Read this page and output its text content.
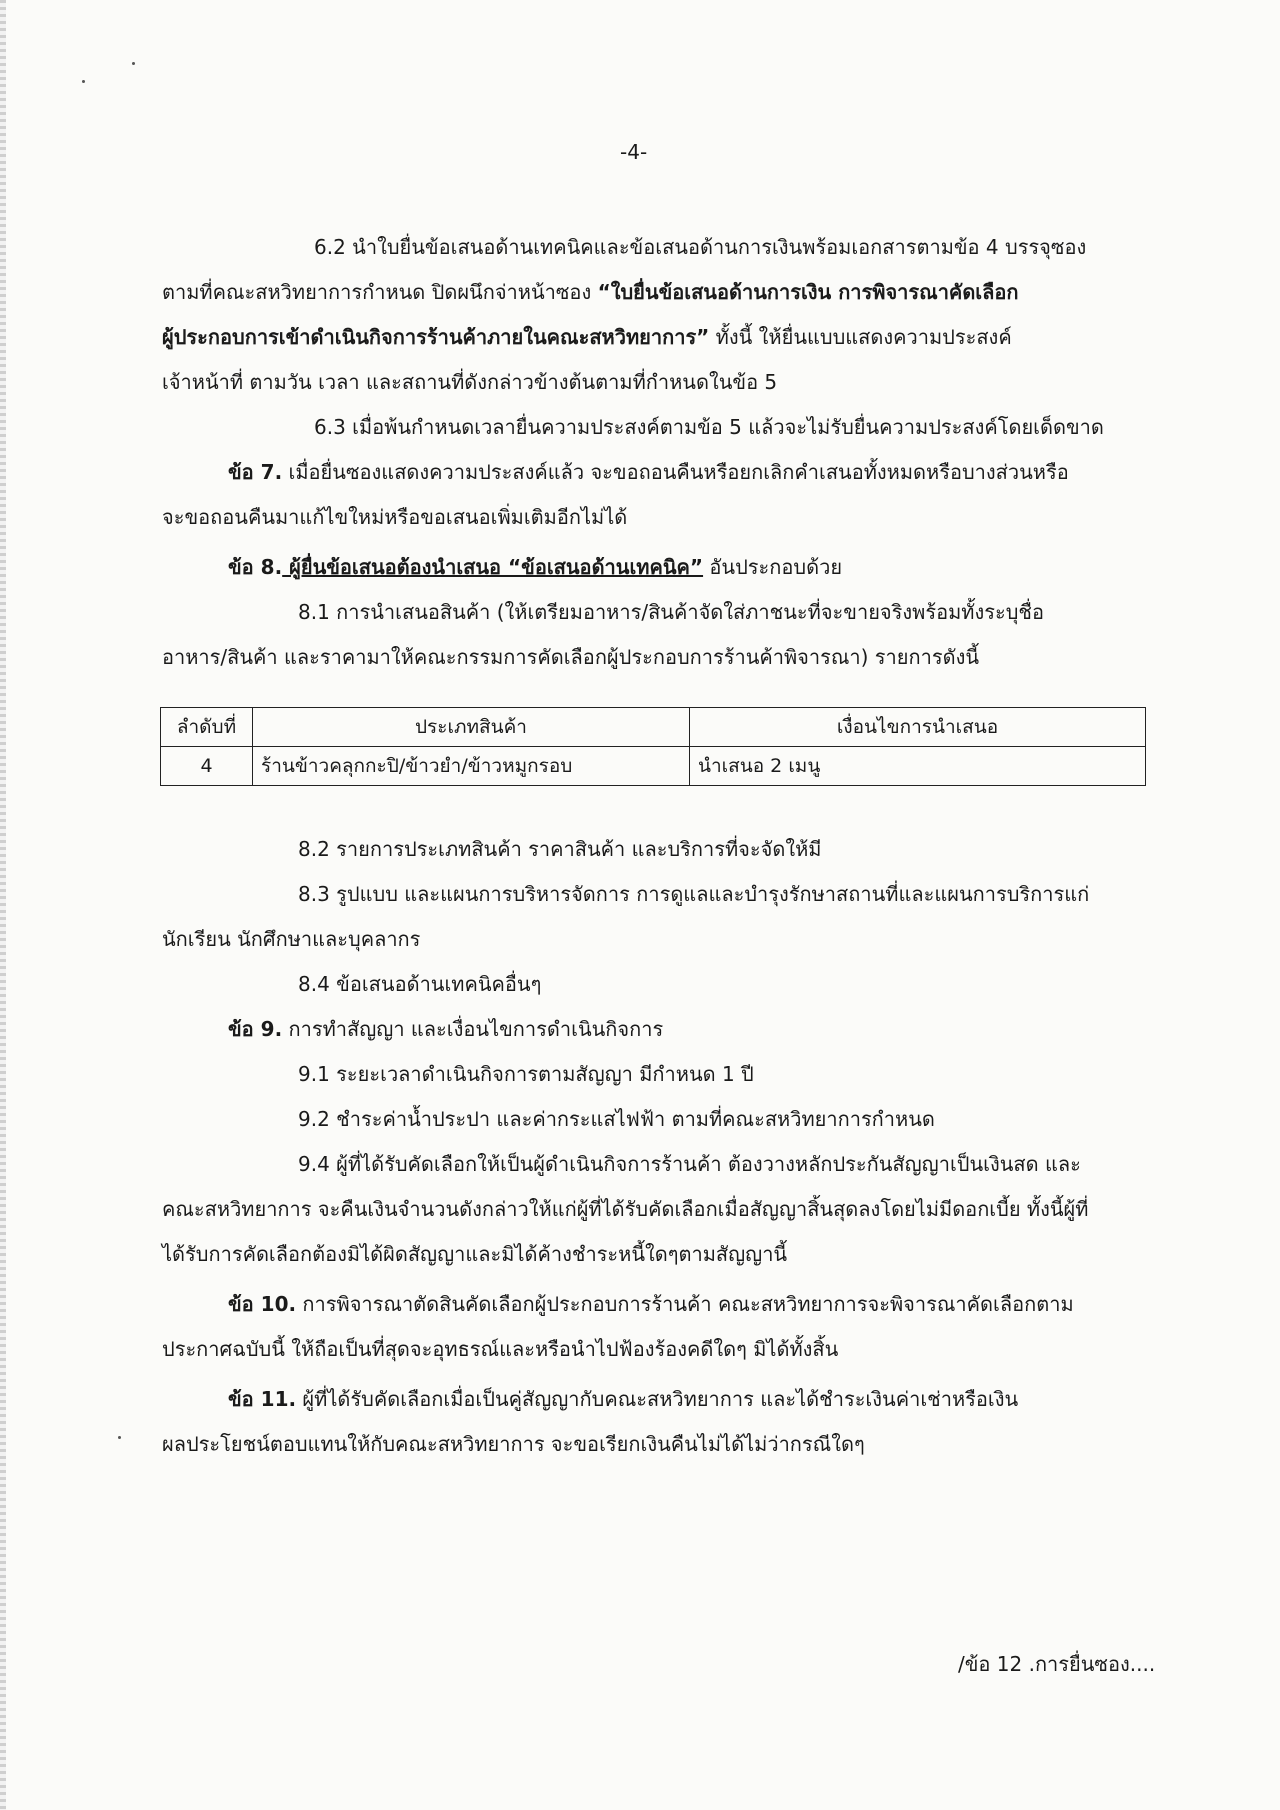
-4-
6.2 นำใบยื่นข้อเสนอด้านเทคนิคและข้อเสนอด้านการเงินพร้อมเอกสารตามข้อ 4 บรรจุซอง
ตามที่คณะสหวิทยาการกำหนด ปิดผนึกจ่าหน้าซอง “ใบยื่นข้อเสนอด้านการเงิน การพิจารณาคัดเลือก
ผู้ประกอบการเข้าดำเนินกิจการร้านค้าภายในคณะสหวิทยาการ” ทั้งนี้ ให้ยื่นแบบแสดงความประสงค์
เจ้าหน้าที่ ตามวัน เวลา และสถานที่ดังกล่าวข้างต้นตามที่กำหนดในข้อ 5
6.3 เมื่อพ้นกำหนดเวลายื่นความประสงค์ตามข้อ 5 แล้วจะไม่รับยื่นความประสงค์โดยเด็ดขาด
ข้อ 7. เมื่อยื่นซองแสดงความประสงค์แล้ว จะขอถอนคืนหรือยกเลิกคำเสนอทั้งหมดหรือบางส่วนหรือ
จะขอถอนคืนมาแก้ไขใหม่หรือขอเสนอเพิ่มเติมอีกไม่ได้
ข้อ 8. ผู้ยื่นข้อเสนอต้องนำเสนอ “ข้อเสนอด้านเทคนิค” อันประกอบด้วย
8.1 การนำเสนอสินค้า (ให้เตรียมอาหาร/สินค้าจัดใส่ภาชนะที่จะขายจริงพร้อมทั้งระบุชื่อ
อาหาร/สินค้า และราคามาให้คณะกรรมการคัดเลือกผู้ประกอบการร้านค้าพิจารณา) รายการดังนี้
ลำดับที่	ประเภทสินค้า	เงื่อนไขการนำเสนอ
4	ร้านข้าวคลุกกะปิ/ข้าวยำ/ข้าวหมูกรอบ	นำเสนอ 2 เมนู
8.2 รายการประเภทสินค้า ราคาสินค้า และบริการที่จะจัดให้มี
8.3 รูปแบบ และแผนการบริหารจัดการ การดูแลและบำรุงรักษาสถานที่และแผนการบริการแก่
นักเรียน นักศึกษาและบุคลากร
8.4 ข้อเสนอด้านเทคนิคอื่นๆ
ข้อ 9. การทำสัญญา และเงื่อนไขการดำเนินกิจการ
9.1 ระยะเวลาดำเนินกิจการตามสัญญา มีกำหนด 1 ปี
9.2 ชำระค่าน้ำประปา และค่ากระแสไฟฟ้า ตามที่คณะสหวิทยาการกำหนด
9.4 ผู้ที่ได้รับคัดเลือกให้เป็นผู้ดำเนินกิจการร้านค้า ต้องวางหลักประกันสัญญาเป็นเงินสด และ
คณะสหวิทยาการ จะคืนเงินจำนวนดังกล่าวให้แก่ผู้ที่ได้รับคัดเลือกเมื่อสัญญาสิ้นสุดลงโดยไม่มีดอกเบี้ย ทั้งนี้ผู้ที่
ได้รับการคัดเลือกต้องมิได้ผิดสัญญาและมิได้ค้างชำระหนี้ใดๆตามสัญญานี้
ข้อ 10. การพิจารณาตัดสินคัดเลือกผู้ประกอบการร้านค้า คณะสหวิทยาการจะพิจารณาคัดเลือกตาม
ประกาศฉบับนี้ ให้ถือเป็นที่สุดจะอุทธรณ์และหรือนำไปฟ้องร้องคดีใดๆ มิได้ทั้งสิ้น
ข้อ 11. ผู้ที่ได้รับคัดเลือกเมื่อเป็นคู่สัญญากับคณะสหวิทยาการ และได้ชำระเงินค่าเช่าหรือเงิน
ผลประโยชน์ตอบแทนให้กับคณะสหวิทยาการ จะขอเรียกเงินคืนไม่ได้ไม่ว่ากรณีใดๆ
/ข้อ 12 .การยื่นซอง....
